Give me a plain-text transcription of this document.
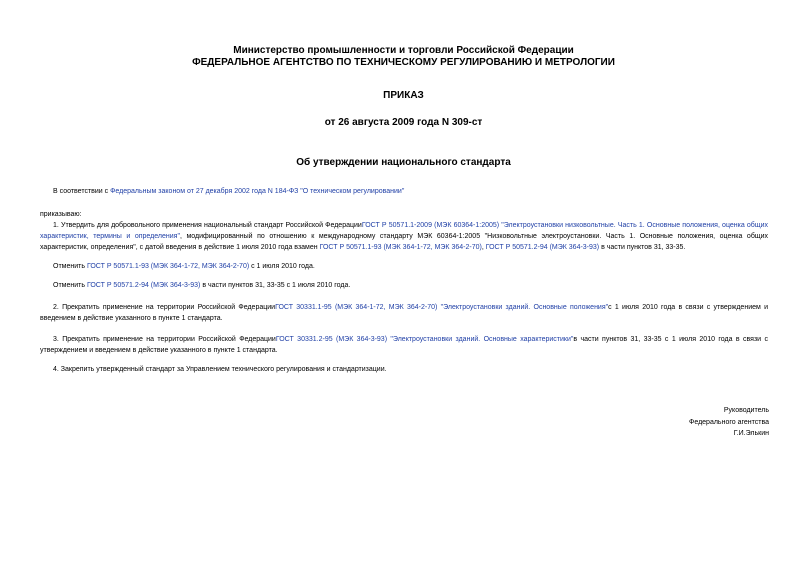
Министерство промышленности и торговли Российской Федерации
ФЕДЕРАЛЬНОЕ АГЕНТСТВО ПО ТЕХНИЧЕСКОМУ РЕГУЛИРОВАНИЮ И МЕТРОЛОГИИ
ПРИКАЗ
от 26 августа 2009 года N 309-ст
Об утверждении национального стандарта
В соответствии с Федеральным законом от 27 декабря 2002 года N 184-ФЗ "О техническом регулировании"
приказываю:
1. Утвердить для добровольного применения национальный стандарт Российской ФедерацииГОСТ Р 50571.1-2009 (МЭК 60364-1:2005) "Электроустановки низковольтные. Часть 1. Основные положения, оценка общих характеристик, термины и определения", модифицированный по отношению к международному стандарту МЭК 60364-1:2005 "Низковольтные электроустановки. Часть 1. Основные положения, оценка общих характеристик, определения", с датой введения в действие 1 июля 2010 года взамен ГОСТ Р 50571.1-93 (МЭК 364-1-72, МЭК 364-2-70), ГОСТ Р 50571.2-94 (МЭК 364-3-93) в части пунктов 31, 33-35.
Отменить ГОСТ Р 50571.1-93 (МЭК 364-1-72, МЭК 364-2-70) с 1 июля 2010 года.
Отменить ГОСТ Р 50571.2-94 (МЭК 364-3-93) в части пунктов 31, 33-35 с 1 июля 2010 года.
2. Прекратить применение на территории Российской ФедерацииГОСТ 30331.1-95 (МЭК 364-1-72, МЭК 364-2-70) "Электроустановки зданий. Основные положения"с 1 июля 2010 года в связи с утверждением и введением в действие указанного в пункте 1 стандарта.
3. Прекратить применение на территории Российской ФедерацииГОСТ 30331.2-95 (МЭК 364-3-93) "Электроустановки зданий. Основные характеристики"в части пунктов 31, 33-35 с 1 июля 2010 года в связи с утверждением и введением в действие указанного в пункте 1 стандарта.
4. Закрепить утвержденный стандарт за Управлением технического регулирования и стандартизации.
Руководитель
Федерального агентства
Г.И.Элькин
